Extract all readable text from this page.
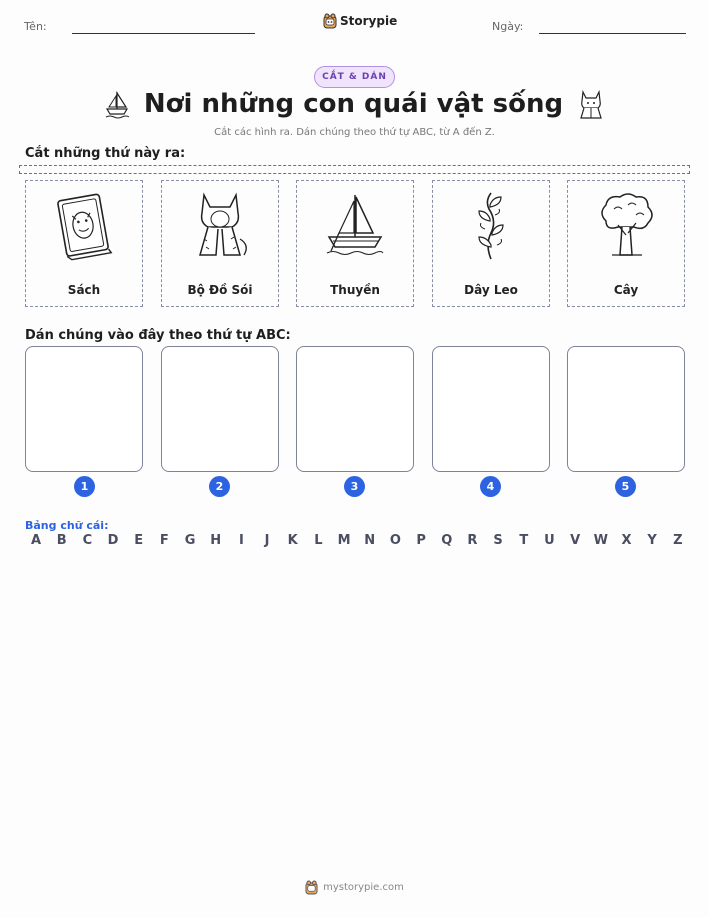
Tên:	Storypie	Ngày:
CẮT & DÁN
Nơi những con quái vật sống
Cắt các hình ra. Dán chúng theo thứ tự ABC, từ A đến Z.
Cắt những thứ này ra:
Sách	Bộ Đồ Sói	Thuyền	Dây Leo	Cây
Dán chúng vào đây theo thứ tự ABC:
1	2	3	4	5
Bảng chữ cái:
A	B	C	D	E	F	G H	I	J	K	L	M N O	P	Q	R	S	T	U	V	W	X	Y	Z
mystorypie.com
